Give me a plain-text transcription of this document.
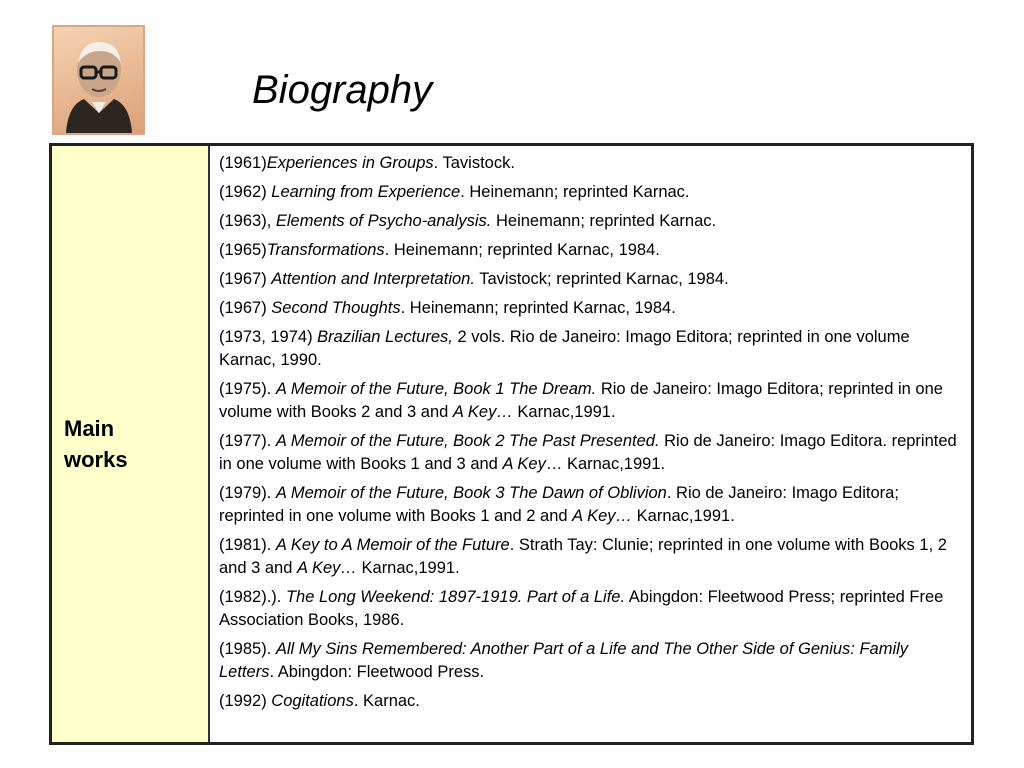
Biography
Main works
(1961)Experiences in Groups. Tavistock.
(1962) Learning from Experience. Heinemann; reprinted Karnac.
(1963), Elements of Psycho-analysis. Heinemann; reprinted Karnac.
(1965)Transformations. Heinemann; reprinted Karnac, 1984.
(1967) Attention and Interpretation. Tavistock; reprinted Karnac, 1984.
(1967) Second Thoughts. Heinemann; reprinted Karnac, 1984.
(1973, 1974) Brazilian Lectures, 2 vols. Rio de Janeiro: Imago Editora; reprinted in one volume Karnac, 1990.
(1975). A Memoir of the Future, Book 1 The Dream. Rio de Janeiro: Imago Editora; reprinted in one volume with Books 2 and 3 and A Key… Karnac,1991.
(1977). A Memoir of the Future, Book 2 The Past Presented. Rio de Janeiro: Imago Editora. reprinted in one volume with Books 1 and 3 and A Key… Karnac,1991.
(1979). A Memoir of the Future, Book 3 The Dawn of Oblivion. Rio de Janeiro: Imago Editora; reprinted in one volume with Books 1 and 2 and A Key… Karnac,1991.
(1981). A Key to A Memoir of the Future. Strath Tay: Clunie; reprinted in one volume with Books 1, 2 and 3 and A Key… Karnac,1991.
(1982).). The Long Weekend: 1897-1919. Part of a Life. Abingdon: Fleetwood Press; reprinted Free Association Books, 1986.
(1985). All My Sins Remembered: Another Part of a Life and The Other Side of Genius: Family Letters. Abingdon: Fleetwood Press.
(1992) Cogitations. Karnac.
